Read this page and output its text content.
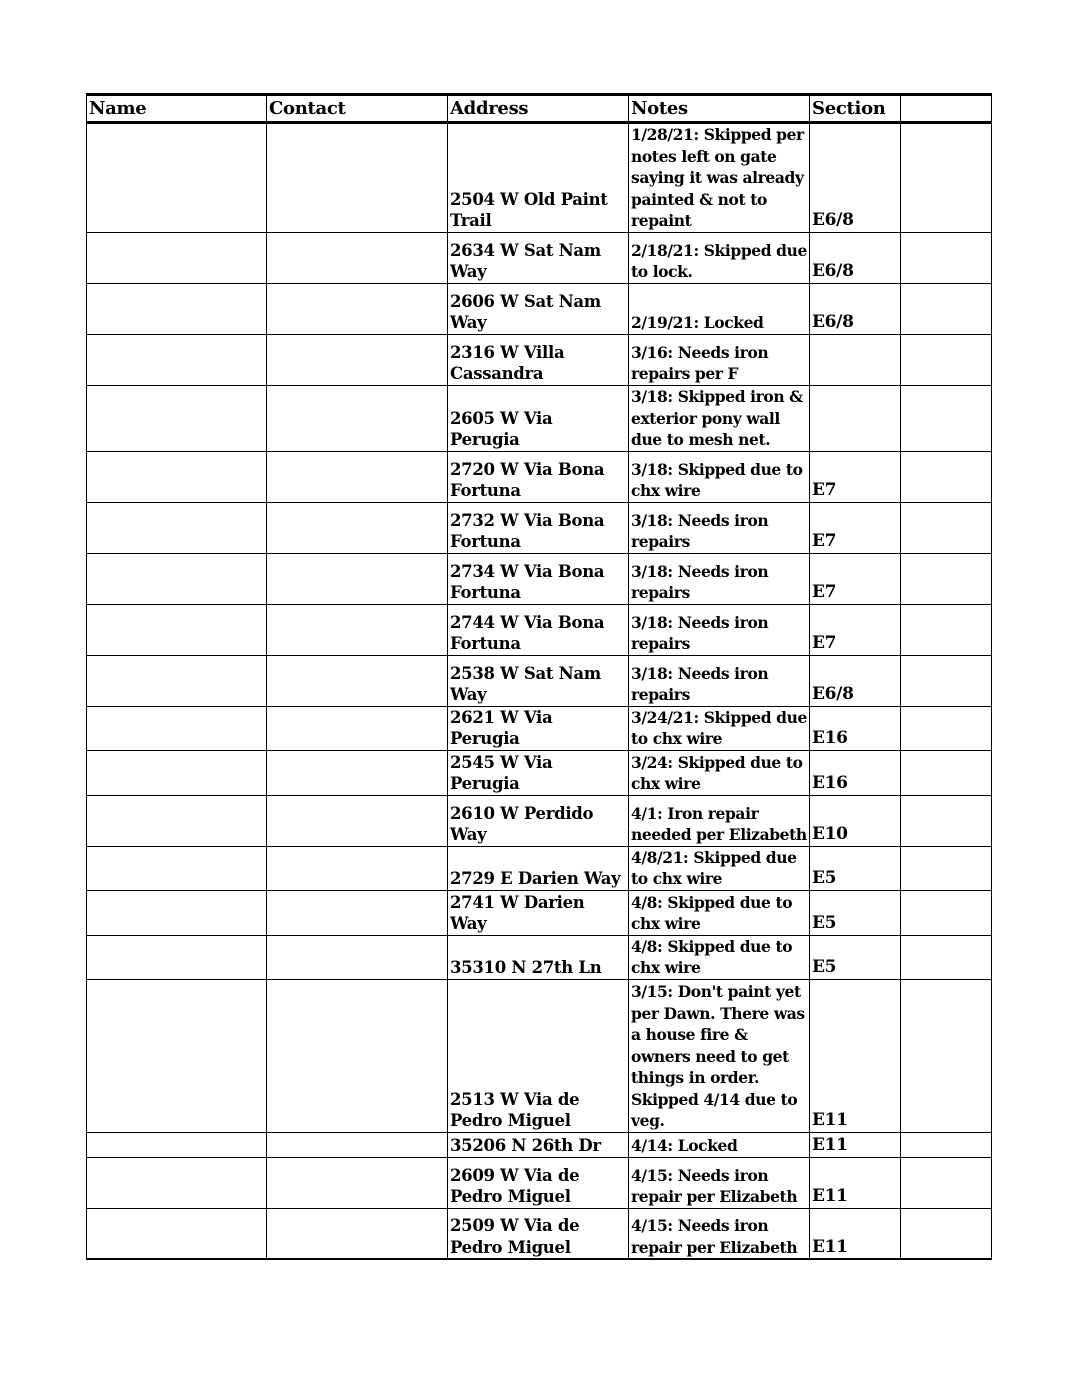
Name	Contact	Address	Notes	Section	
		2504 W Old Paint Trail	1/28/21: Skipped per notes left on gate saying it was already painted & not to repaint	E6/8	
		2634 W Sat Nam Way	2/18/21: Skipped due to lock.	E6/8	
		2606 W Sat Nam Way	2/19/21: Locked	E6/8	
		2316 W Villa Cassandra	3/16: Needs iron repairs per F		
		2605 W Via Perugia	3/18: Skipped iron & exterior pony wall due to mesh net.		
		2720 W Via Bona Fortuna	3/18: Skipped due to chx wire	E7	
		2732 W Via Bona Fortuna	3/18: Needs iron repairs	E7	
		2734 W Via Bona Fortuna	3/18: Needs iron repairs	E7	
		2744 W Via Bona Fortuna	3/18: Needs iron repairs	E7	
		2538 W Sat Nam Way	3/18: Needs iron repairs	E6/8	
		2621 W Via Perugia	3/24/21: Skipped due to chx wire	E16	
		2545 W Via Perugia	3/24: Skipped due to chx wire	E16	
		2610 W Perdido Way	4/1: Iron repair needed per Elizabeth	E10	
		2729 E Darien Way	4/8/21: Skipped due to chx wire	E5	
		2741 W Darien Way	4/8: Skipped due to chx wire	E5	
		35310 N 27th Ln	4/8: Skipped due to chx wire	E5	
		2513 W Via de Pedro Miguel	3/15: Don't paint yet per Dawn. There was a house fire & owners need to get things in order. Skipped 4/14 due to veg.	E11	
		35206 N 26th Dr	4/14: Locked	E11	
		2609 W Via de Pedro Miguel	4/15: Needs iron repair per Elizabeth	E11	
		2509 W Via de Pedro Miguel	4/15: Needs iron repair per Elizabeth	E11	
